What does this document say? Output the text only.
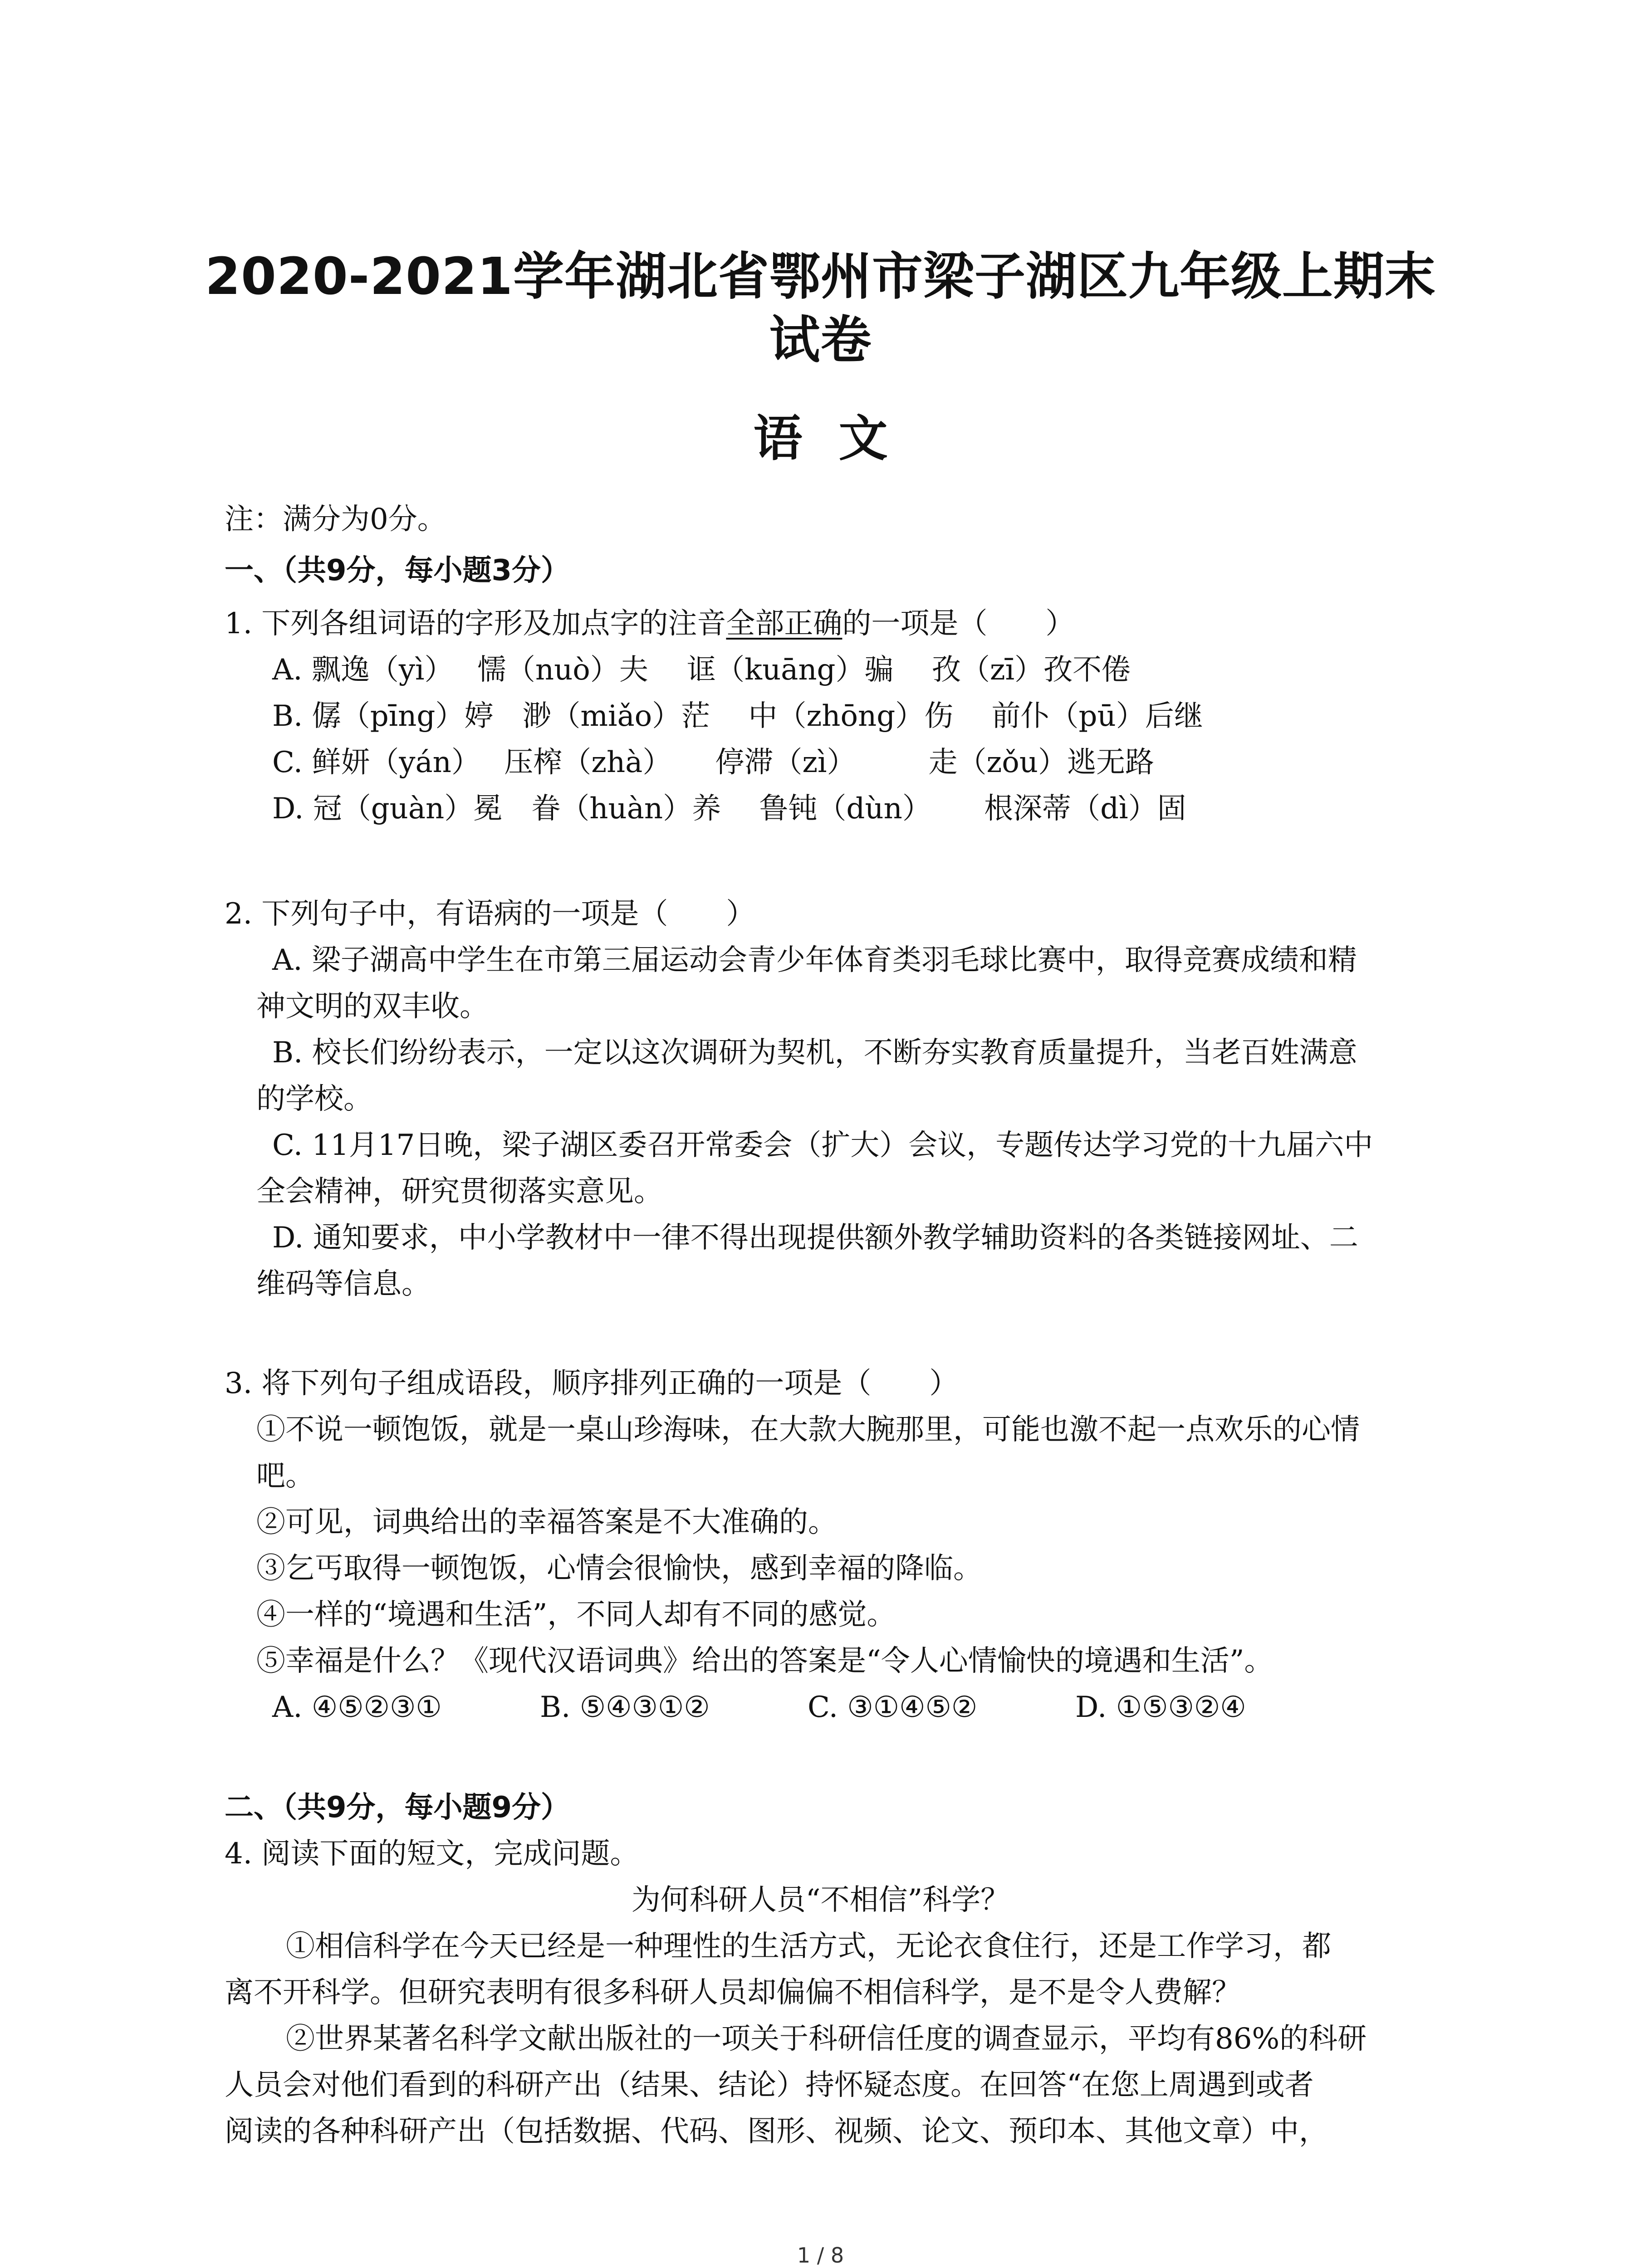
2020-2021学年湖北省鄂州市梁子湖区九年级上期末试卷
语文
注：满分为0分。
一、（共9分，每小题3分）
1. 下列各组词语的字形及加点字的注音全部正确的一项是（　　）
A. 飘逸（yì）　 懦（nuò）夫　 诓（kuāng）骗　 孜（zī）孜不倦
B. 僝（pīng）婷　渺（miǎo）茫　 中（zhōng）伤　 前仆（pū）后继
C. 鲜妍（yán）　 压榨（zhà）　　停滞（zì）　　　走（zǒu）逃无路
D. 冠（guàn）冕　眷（huàn）养　 鲁钝（dùn）　　 根深蒂（dì）固
2. 下列句子中，有语病的一项是（　　）
A. 梁子湖高中学生在市第三届运动会青少年体育类羽毛球比赛中，取得竞赛成绩和精
神文明的双丰收。
B. 校长们纷纷表示，一定以这次调研为契机，不断夯实教育质量提升，当老百姓满意
的学校。
C. 11月17日晚，梁子湖区委召开常委会（扩大）会议，专题传达学习党的十九届六中
全会精神，研究贯彻落实意见。
D. 通知要求，中小学教材中一律不得出现提供额外教学辅助资料的各类链接网址、二
维码等信息。
3. 将下列句子组成语段，顺序排列正确的一项是（　　）
①不说一顿饱饭，就是一桌山珍海味，在大款大腕那里，可能也激不起一点欢乐的心情
吧。
②可见，词典给出的幸福答案是不大准确的。
③乞丐取得一顿饱饭，心情会很愉快，感到幸福的降临。
④一样的“境遇和生活”，不同人却有不同的感觉。
⑤幸福是什么？《现代汉语词典》给出的答案是“令人心情愉快的境遇和生活”。
A. ④⑤②③①	B. ⑤④③①②	C. ③①④⑤②	D. ①⑤③②④
二、（共9分，每小题9分）
4. 阅读下面的短文，完成问题。
为何科研人员“不相信”科学？
①相信科学在今天已经是一种理性的生活方式，无论衣食住行，还是工作学习，都
离不开科学。但研究表明有很多科研人员却偏偏不相信科学，是不是令人费解？
②世界某著名科学文献出版社的一项关于科研信任度的调查显示，平均有86%的科研
人员会对他们看到的科研产出（结果、结论）持怀疑态度。在回答“在您上周遇到或者
阅读的各种科研产出（包括数据、代码、图形、视频、论文、预印本、其他文章）中，
1 / 8
